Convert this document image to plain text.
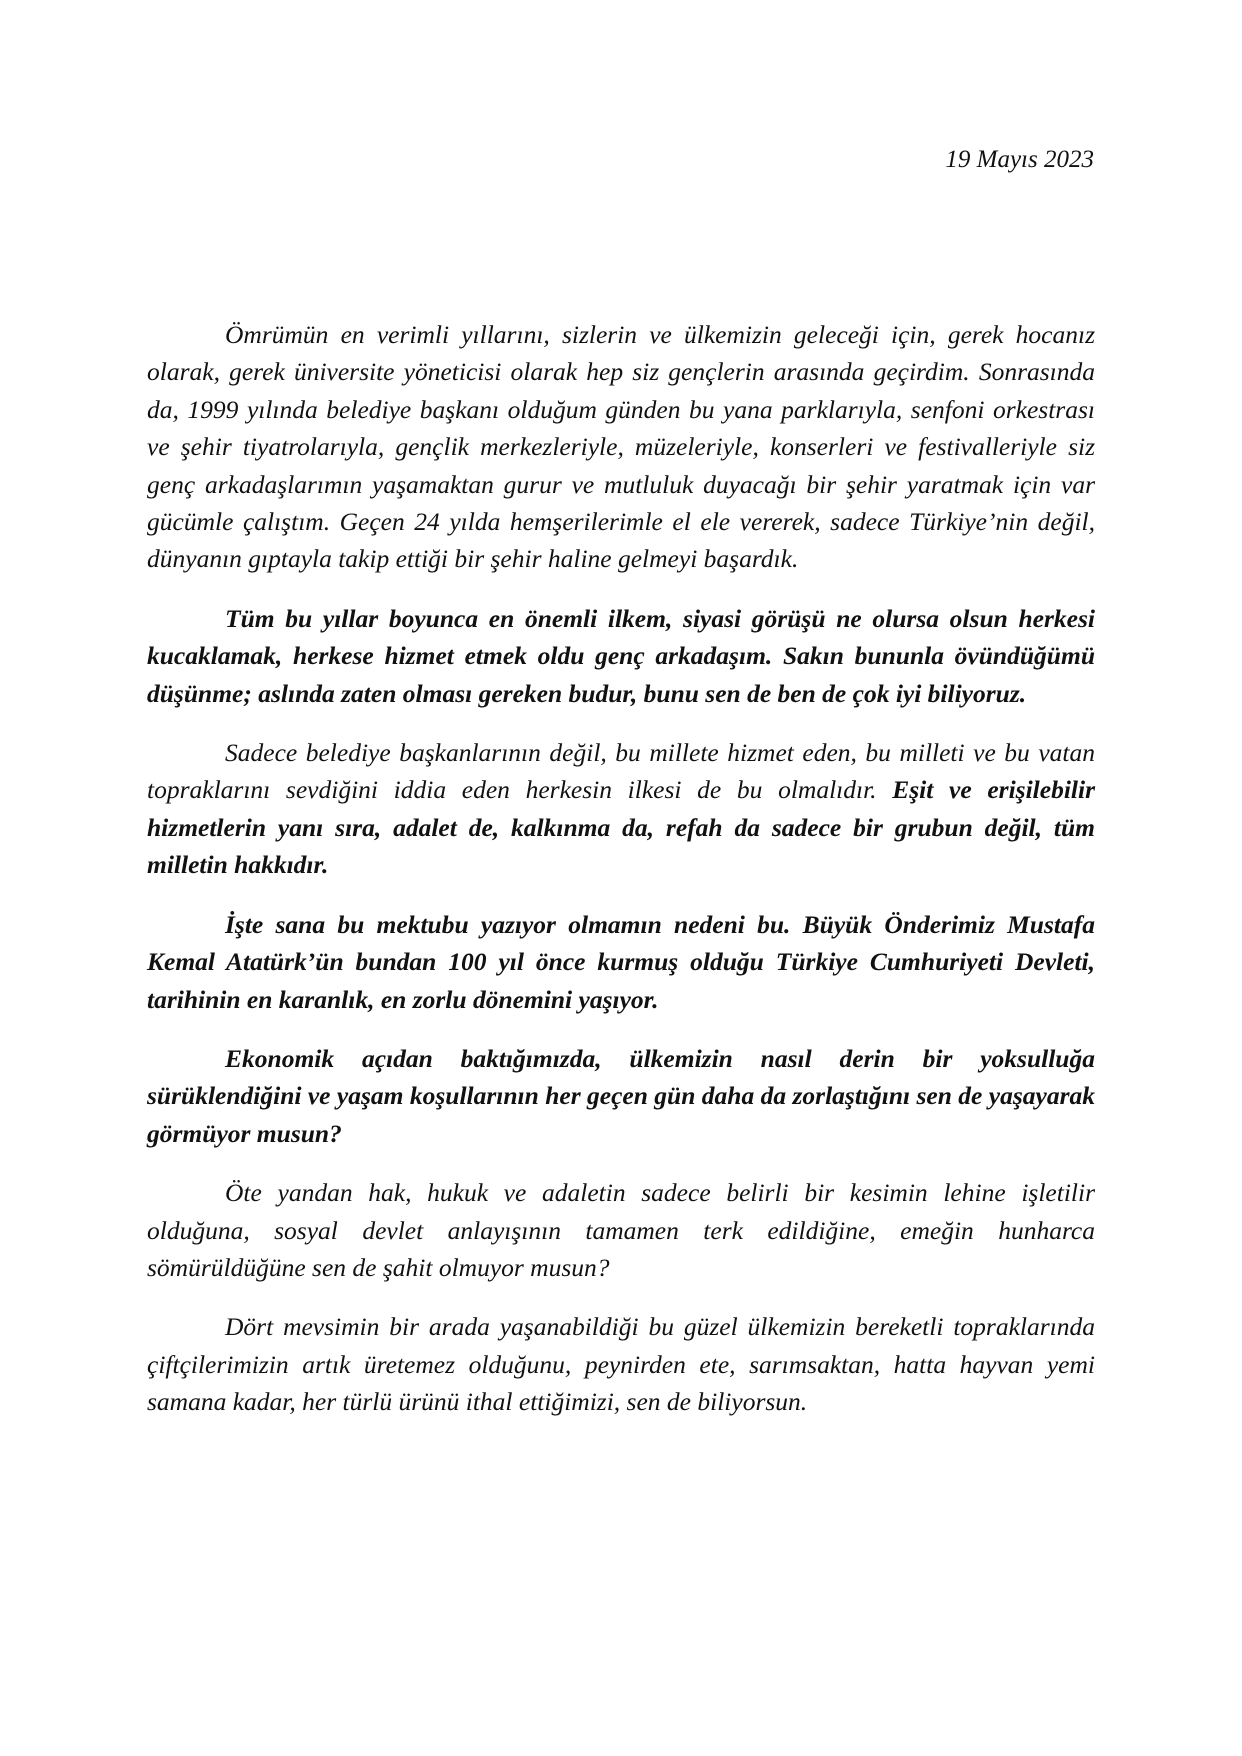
19 Mayıs 2023

Ömrümün en verimli yıllarını, sizlerin ve ülkemizin geleceği için, gerek hocanız olarak, gerek üniversite yöneticisi olarak hep siz gençlerin arasında geçirdim. Sonrasında da, 1999 yılında belediye başkanı olduğum günden bu yana parklarıyla, senfoni orkestrası ve şehir tiyatrolarıyla, gençlik merkezleriyle, müzeleriyle, konserleri ve festivalleriyle siz genç arkadaşlarımın yaşamaktan gurur ve mutluluk duyacağı bir şehir yaratmak için var gücümle çalıştım. Geçen 24 yılda hemşerilerimle el ele vererek, sadece Türkiye’nin değil, dünyanın gıptayla takip ettiği bir şehir haline gelmeyi başardık.

Tüm bu yıllar boyunca en önemli ilkem, siyasi görüşü ne olursa olsun herkesi kucaklamak, herkese hizmet etmek oldu genç arkadaşım. Sakın bununla övündüğümü düşünme; aslında zaten olması gereken budur, bunu sen de ben de çok iyi biliyoruz.

Sadece belediye başkanlarının değil, bu millete hizmet eden, bu milleti ve bu vatan topraklarını sevdiğini iddia eden herkesin ilkesi de bu olmalıdır. Eşit ve erişilebilir hizmetlerin yanı sıra, adalet de, kalkınma da, refah da sadece bir grubun değil, tüm milletin hakkıdır.

İşte sana bu mektubu yazıyor olmamın nedeni bu. Büyük Önderimiz Mustafa Kemal Atatürk’ün bundan 100 yıl önce kurmuş olduğu Türkiye Cumhuriyeti Devleti, tarihinin en karanlık, en zorlu dönemini yaşıyor.

Ekonomik açıdan baktığımızda, ülkemizin nasıl derin bir yoksulluğa sürüklendiğini ve yaşam koşullarının her geçen gün daha da zorlaştığını sen de yaşayarak görmüyor musun?

Öte yandan hak, hukuk ve adaletin sadece belirli bir kesimin lehine işletilir olduğuna, sosyal devlet anlayışının tamamen terk edildiğine, emeğin hunharca sömürüldüğüne sen de şahit olmuyor musun?

Dört mevsimin bir arada yaşanabildiği bu güzel ülkemizin bereketli topraklarında çiftçilerimizin artık üretemez olduğunu, peynirden ete, sarımsaktan, hatta hayvan yemi samana kadar, her türlü ürünü ithal ettiğimizi, sen de biliyorsun.
